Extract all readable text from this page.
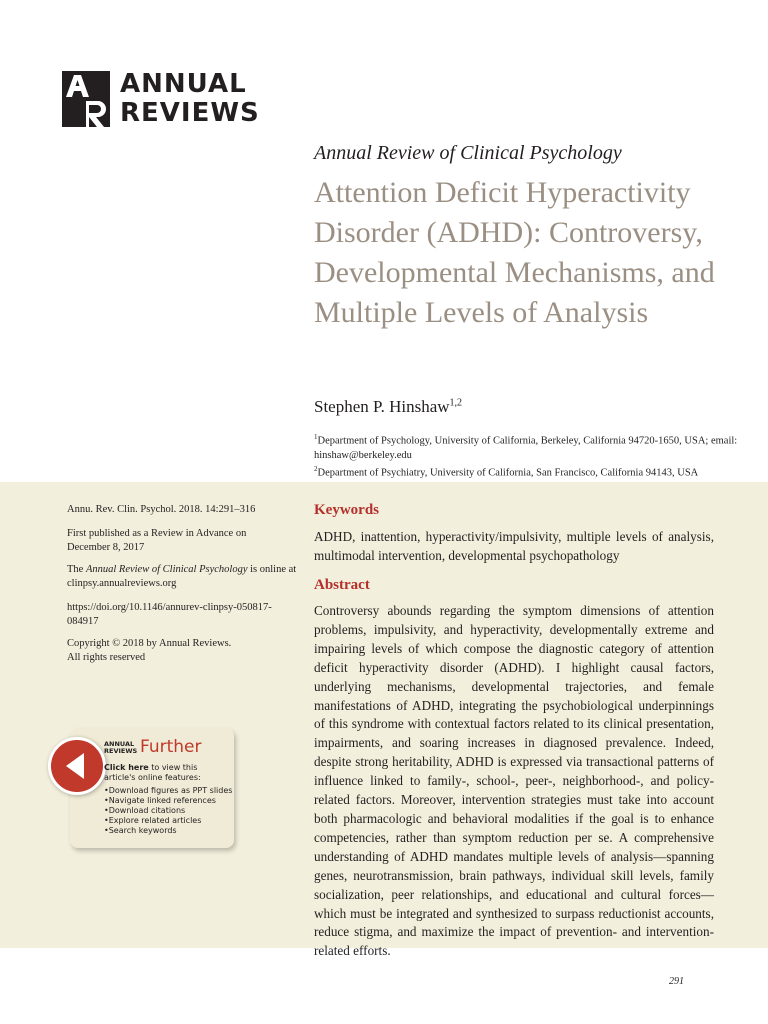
ANNUAL
REVIEWS
Annual Review of Clinical Psychology
Attention Deficit Hyperactivity Disorder (ADHD): Controversy, Developmental Mechanisms, and Multiple Levels of Analysis
Stephen P. Hinshaw$^{1,2}$
$^1$Department of Psychology, University of California, Berkeley, California 94720-1650, USA; email: hinshaw@berkeley.edu
$^2$Department of Psychiatry, University of California, San Francisco, California 94143, USA
Annu. Rev. Clin. Psychol. 2018. 14:291–316
First published as a Review in Advance on
December 8, 2017
The Annual Review of Clinical Psychology is online at
clinpsy.annualreviews.org
https://doi.org/10.1146/annurev-clinpsy-050817-
084917
Copyright © 2018 by Annual Reviews.
All rights reserved
ANNUAL
REVIEWS Further
Click here to view this article's online features:
• Download figures as PPT slides
• Navigate linked references
• Download citations
• Explore related articles
• Search keywords
Keywords
ADHD, inattention, hyperactivity/impulsivity, multiple levels of analysis, multimodal intervention, developmental psychopathology
Abstract
Controversy abounds regarding the symptom dimensions of attention problems, impulsivity, and hyperactivity, developmentally extreme and impairing levels of which compose the diagnostic category of attention deficit hyperactivity disorder (ADHD). I highlight causal factors, underlying mechanisms, developmental trajectories, and female manifestations of ADHD, integrating the psychobiological underpinnings of this syndrome with contextual factors related to its clinical presentation, impairments, and soaring increases in diagnosed prevalence. Indeed, despite strong heritability, ADHD is expressed via transactional patterns of influence linked to family-, school-, peer-, neighborhood-, and policy-related factors. Moreover, intervention strategies must take into account both pharmacologic and behavioral modalities if the goal is to enhance competencies, rather than symptom reduction per se. A comprehensive understanding of ADHD mandates multiple levels of analysis—spanning genes, neurotransmission, brain pathways, individual skill levels, family socialization, peer relationships, and educational and cultural forces—which must be integrated and synthesized to surpass reductionist accounts, reduce stigma, and maximize the impact of prevention- and intervention-related efforts.
291
